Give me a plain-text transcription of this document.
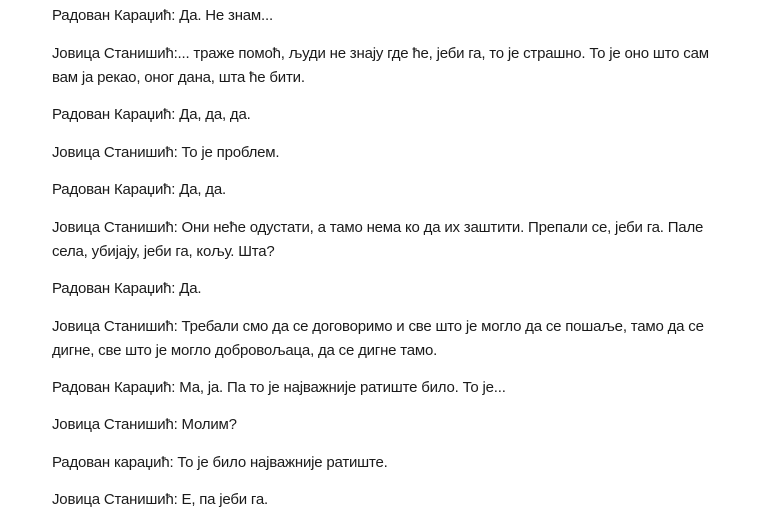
Радован Караџић: Да. Не знам...

Јовица Станишић:... траже помоћ, људи не знају где ће, јеби га, то је страшно. То је оно што сам
вам ја рекао, оног дана, шта ће бити.

Радован Караџић: Да, да, да.

Јовица Станишић: То је проблем.

Радован Караџић: Да, да.

Јовица Станишић: Они неће одустати, а тамо нема ко да их заштити. Препали се, јеби га. Пале
села, убијају, јеби га, кољу. Шта?

Радован Караџић: Да.

Јовица Станишић: Требали смо да се договоримо и све што је могло да се пошаље, тамо да се
дигне, све што је могло добровољаца, да се дигне тамо.

Радован Караџић: Ма, ја. Па то је најважније ратиште било. То је...

Јовица Станишић: Молим?

Радован караџић: То је било најважније ратиште.

Јовица Станишић: Е, па јеби га.
